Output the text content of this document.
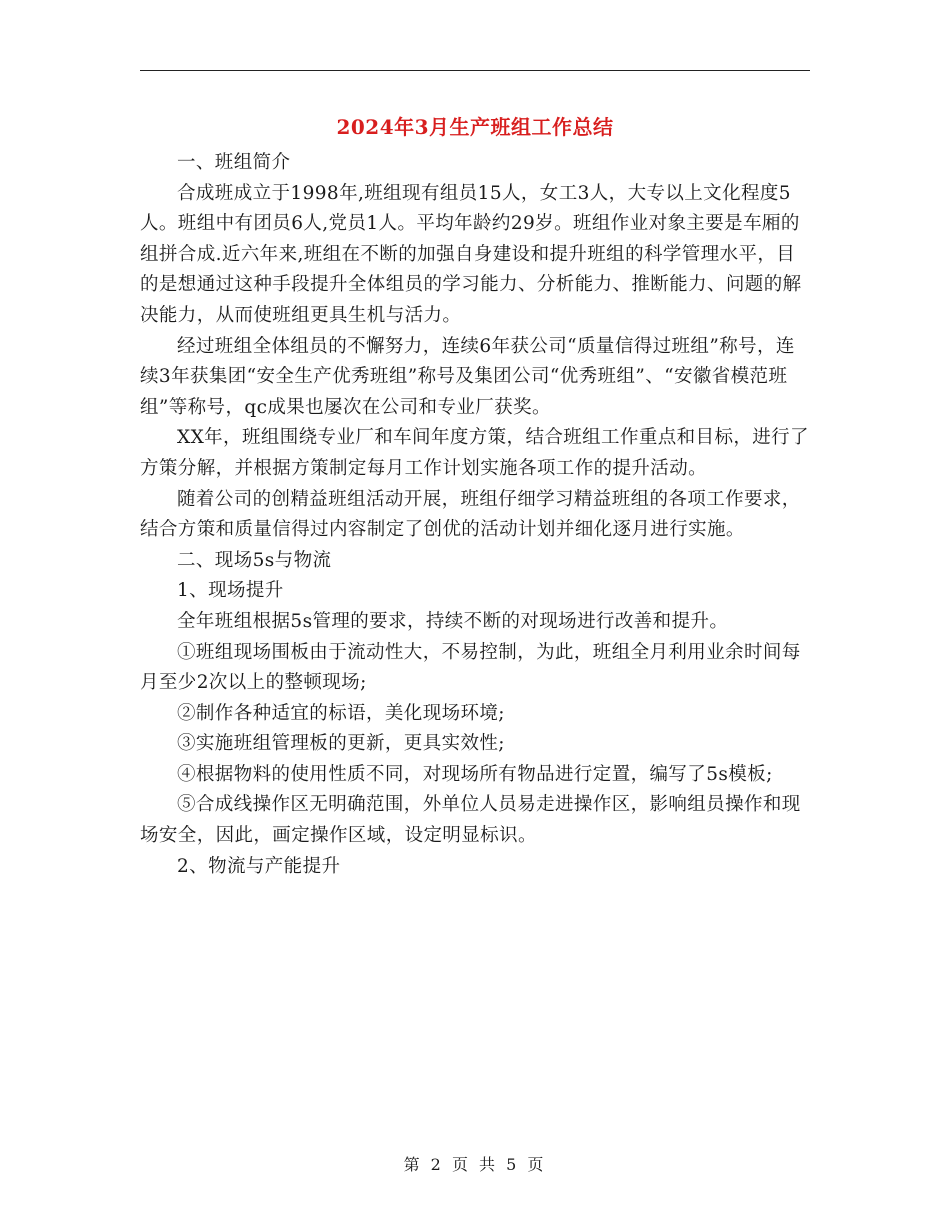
2024年3月生产班组工作总结

一、班组简介

合成班成立于1998年,班组现有组员15人，女工3人，大专以上文化程度5人。班组中有团员6人,党员1人。平均年龄约29岁。班组作业对象主要是车厢的组拼合成.近六年来,班组在不断的加强自身建设和提升班组的科学管理水平，目的是想通过这种手段提升全体组员的学习能力、分析能力、推断能力、问题的解决能力，从而使班组更具生机与活力。

经过班组全体组员的不懈努力，连续6年获公司“质量信得过班组”称号，连续3年获集团“安全生产优秀班组”称号及集团公司“优秀班组”、“安徽省模范班组”等称号，qc成果也屡次在公司和专业厂获奖。

XX年，班组围绕专业厂和车间年度方策，结合班组工作重点和目标，进行了方策分解，并根据方策制定每月工作计划实施各项工作的提升活动。

随着公司的创精益班组活动开展，班组仔细学习精益班组的各项工作要求，结合方策和质量信得过内容制定了创优的活动计划并细化逐月进行实施。

二、现场5s与物流

1、现场提升

全年班组根据5s管理的要求，持续不断的对现场进行改善和提升。

①班组现场围板由于流动性大，不易控制，为此，班组全月利用业余时间每月至少2次以上的整顿现场;

②制作各种适宜的标语，美化现场环境;

③实施班组管理板的更新，更具实效性;

④根据物料的使用性质不同，对现场所有物品进行定置，编写了5s模板;

⑤合成线操作区无明确范围，外单位人员易走进操作区，影响组员操作和现场安全，因此，画定操作区域，设定明显标识。

2、物流与产能提升

第 2 页 共 5 页
